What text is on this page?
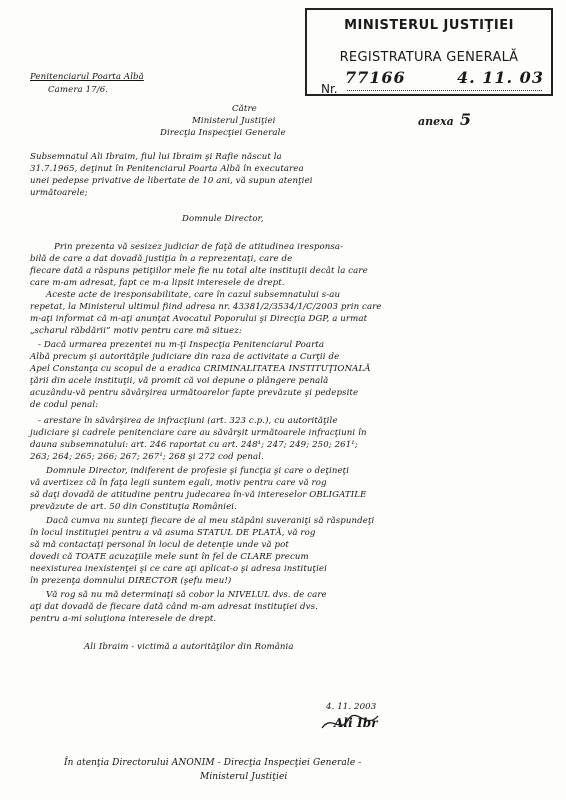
MINISTERUL JUSTIŢIEI
REGISTRATURA GENERALĂ
77166	4. 11. 03
Nr.
Penitenciarul Poarta Albă
Camera 17/6.
anexa 5
Către
Ministerul Justiţiei
Direcţia Inspecţiei Generale
Subsemnatul Ali Ibraim, fiul lui Ibraim şi Rafie născut la
31.7.1965, deţinut în Penitenciarul Poarta Albă în executarea
unei pedepse privative de libertate de 10 ani, vă supun atenţiei
următoarele;
Domnule Director,
Prin prezenta vă sesizez judiciar de faţă de atitudinea iresponsa-
bilă de care a dat dovadă justiţia în a reprezentaţi, care de
fiecare dată a răspuns petiţiilor mele fie nu total alte instituţii decât la care
care m-am adresat, fapt ce m-a lipsit interesele de drept.
Aceste acte de iresponsabilitate, care în cazul subsemnatului s-au
repetat, la Ministerul ultimul fiind adresa nr. 43381/2/3534/1/C/2003 prin care
m-aţi informat că m-aţi anunţat Avocatul Poporului şi Direcţia DGP, a urmat
„scharul răbdării” motiv pentru care mă situez:
- Dacă urmarea prezentei nu m-ţi Inspecţia Penitenciarul Poarta
Albă precum şi autorităţile judiciare din raza de activitate a Curţii de
Apel Constanţa cu scopul de a eradica CRIMINALITATEA INSTITUŢIONALĂ
ţării din acele instituţii, vă promit că voi depune o plângere penală
acuzându-vă pentru săvârşirea următoarelor fapte prevăzute şi pedepsite
de codul penal:
- arestare în săvârşirea de infracţiuni (art. 323 c.p.), cu autorităţile
judiciare şi cadrele penitenciare care au săvârşit următoarele infracţiuni în
dauna subsemnatului: art. 246 raportat cu art. 248¹; 247; 249; 250; 261¹;
263; 264; 265; 266; 267; 267¹; 268 şi 272 cod penal.
Domnule Director, indiferent de profesie şi funcţia şi care o deţineţi
vă avertizez că în faţa legii suntem egali, motiv pentru care vă rog
să daţi dovadă de atitudine pentru judecarea în-vă intereselor OBLIGATILE
prevăzute de art. 50 din Constituţia României.
Dacă cumva nu sunteţi fiecare de al meu stăpâni suveraniţi să răspundeţi
în locul instituţiei pentru a vă asuma STATUL DE PLATĂ, vă rog
să mă contactaţi personal în locul de detenţie unde vă pot
dovedi că TOATE acuzaţiile mele sunt în fel de CLARE precum
neexisturea inexistenţei şi ce care aţi aplicat-o şi adresa instituţiei
în prezenţa domnului DIRECTOR (şefu meu!)
Vă rog să nu mă determinaţi să cobor la NIVELUL dvs. de care
aţi dat dovadă de fiecare dată când m-am adresat instituţiei dvs.
pentru a-mi soluţiona interesele de drept.
Ali Ibraim - victimă a autorităţilor din România
4. 11. 2003
Ali Ibr
În atenţia Directorului ANONIM - Direcţia Inspecţiei Generale -
Ministerul Justiţiei
